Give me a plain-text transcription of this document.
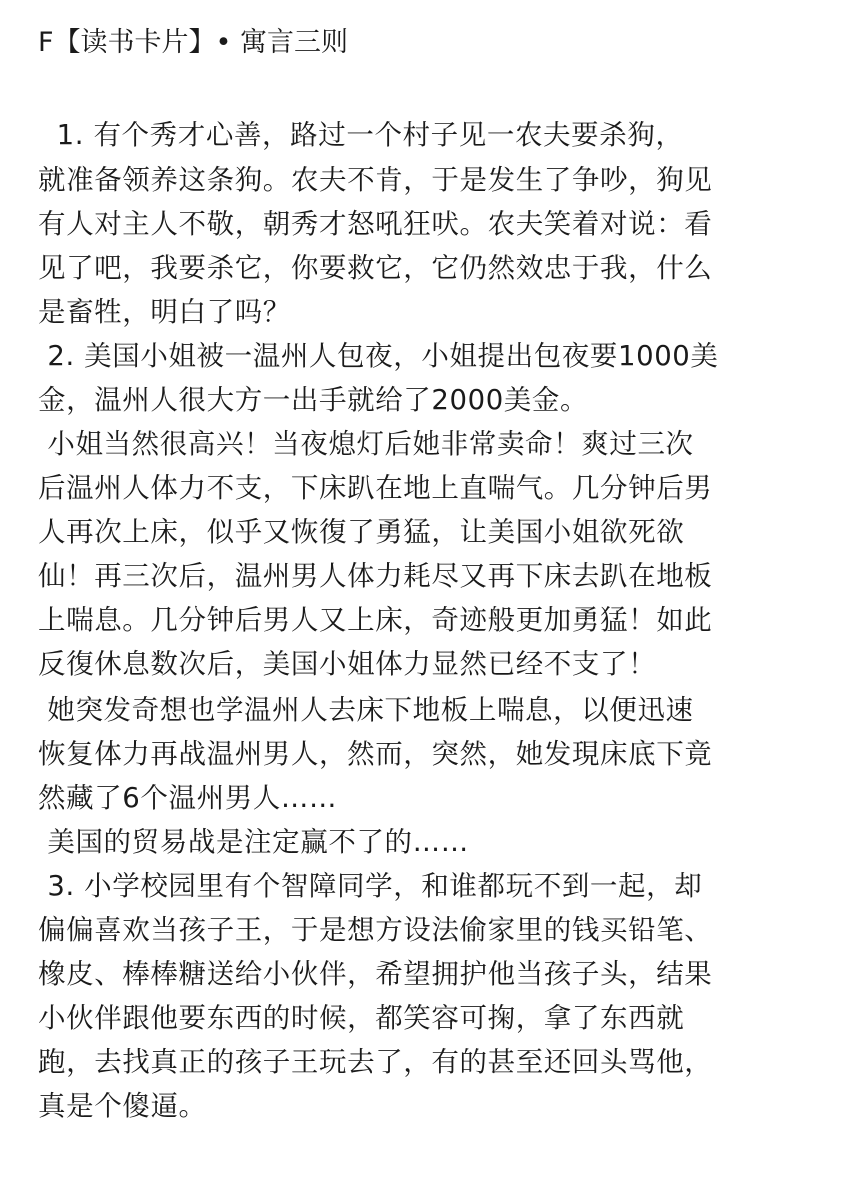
F【读书卡片】• 寓言三则
1. 有个秀才心善，路过一个村子见一农夫要杀狗，
就准备领养这条狗。农夫不肯，于是发生了争吵，狗见
有人对主人不敬，朝秀才怒吼狂吠。农夫笑着对说：看
见了吧，我要杀它，你要救它，它仍然效忠于我，什么
是畜牲，明白了吗？
2. 美国小姐被一温州人包夜，小姐提出包夜要1000美
金，温州人很大方一出手就给了2000美金。
小姐当然很高兴！当夜熄灯后她非常卖命！爽过三次
后温州人体力不支，下床趴在地上直喘气。几分钟后男
人再次上床，似乎又恢復了勇猛，让美国小姐欲死欲
仙！再三次后，温州男人体力耗尽又再下床去趴在地板
上喘息。几分钟后男人又上床，奇迹般更加勇猛！如此
反復休息数次后，美国小姐体力显然已经不支了！
她突发奇想也学温州人去床下地板上喘息，以便迅速
恢复体力再战温州男人，然而，突然，她发現床底下竟
然藏了6个温州男人……
美国的贸易战是注定赢不了的……
3. 小学校园里有个智障同学，和谁都玩不到一起，却
偏偏喜欢当孩子王，于是想方设法偷家里的钱买铅笔、
橡皮、棒棒糖送给小伙伴，希望拥护他当孩子头，结果
小伙伴跟他要东西的时候，都笑容可掬，拿了东西就
跑，去找真正的孩子王玩去了，有的甚至还回头骂他，
真是个傻逼。
